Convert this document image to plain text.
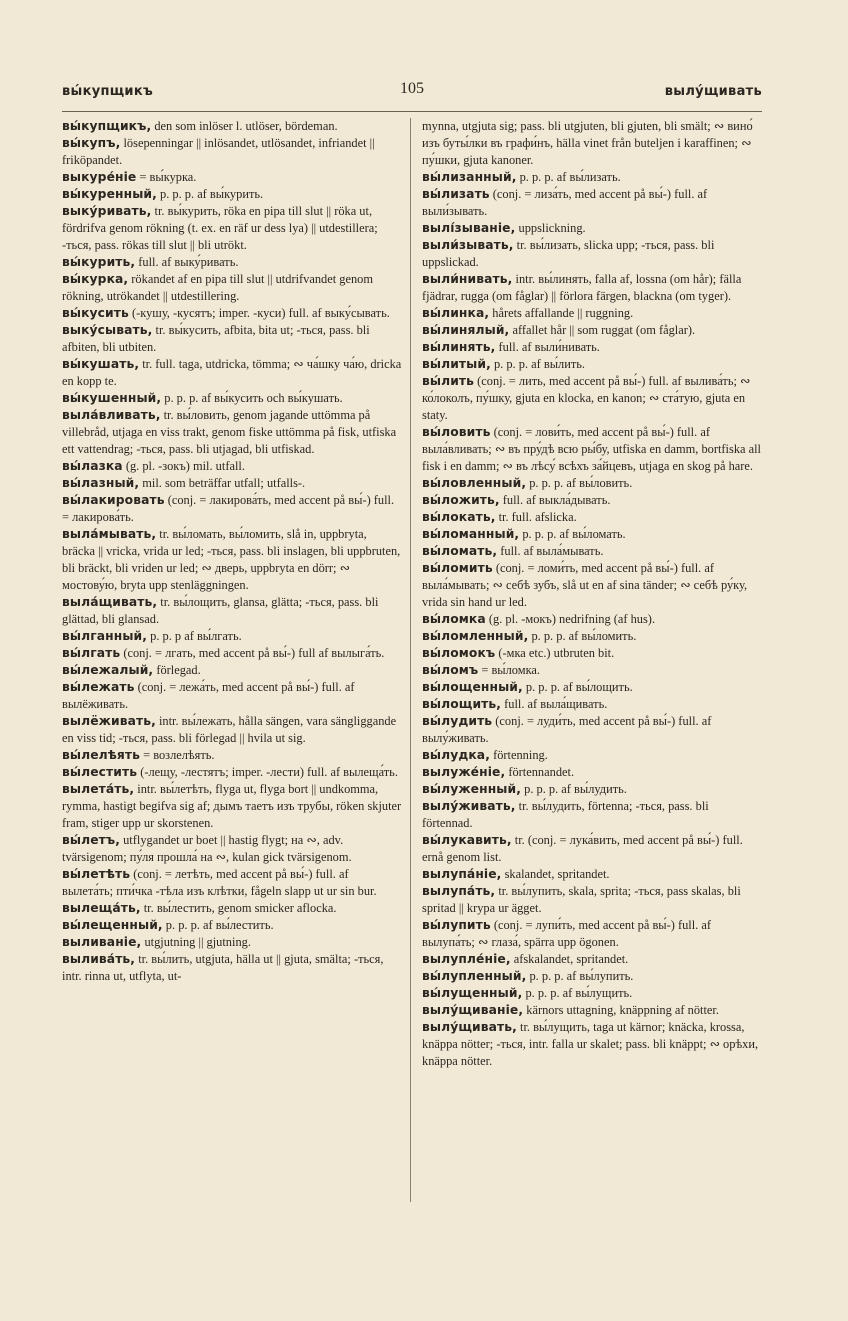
вы́купщикъ	105	вылу́щивать
вы́купщикъ, den som inlöser l. utlöser, bördeman.
вы́купъ, lösepenningar || inlösandet, utlösandet, infriandet || friköpandet.
выкуре́ніе = вы́курка.
вы́куренный, p. p. p. af вы́курить.
выку́ривать, tr. вы́курить, röka en pipa till slut || röka ut, fördrifva genom rökning (t. ex. en räf ur dess lya) || utdestillera; -ться, pass. rökas till slut || bli utrökt.
вы́курить, full. af выку́ривать.
вы́курка, rökandet af en pipa till slut || utdrifvandet genom rökning, utrökandet || utdestillering.
вы́кусить (-кушу, -кусятъ; imper. -куси) full. af выку́сывать.
выку́сывать, tr. вы́кусить, afbita, bita ut; -ться, pass. bli afbiten, bli utbiten.
вы́кушать, tr. full. taga, utdricka, tömma; ∾ ча́шку ча́ю, dricka en kopp te.
вы́кушенный, p. p. p. af вы́кусить och вы́кушать.
выла́вливать, tr. вы́ловить, genom jagande uttömma på villebråd, utjaga en viss trakt, genom fiske uttömma på fisk, utfiska ett vattendrag; -ться, pass. bli utjagad, bli utfiskad.
вы́лазка (g. pl. -зокъ) mil. utfall.
вы́лазный, mil. som beträffar utfall; utfalls-.
вы́лакировать (conj. = лакирова́ть, med accent på вы́-) full. = лакирова́ть.
выла́мывать, tr. вы́ломать, вы́ломить, slå in, uppbryta, bräcka || vricka, vrida ur led; -ться, pass. bli inslagen, bli uppbruten, bli bräckt, bli vriden ur led; ∾ дверь, uppbryta en dörr; ∾ мостову́ю, bryta upp stenläggningen.
выла́щивать, tr. вы́лощить, glansa, glätta; -ться, pass. bli glättad, bli glansad.
вы́лганный, p. p. p af вы́лгать.
вы́лгать (conj. = лгать, med accent på вы́-) full af вылыга́ть.
вы́лежалый, förlegad.
вы́лежать (conj. = лежа́ть, med accent på вы́-) full. af вылёживать.
вылёживать, intr. вы́лежать, hålla sängen, vara sängliggande en viss tid; -ться, pass. bli förlegad || hvila ut sig.
вы́лелѣять = возлелѣять.
вы́лестить (-лещу, -лестятъ; imper. -лести) full. af вылеща́ть.
вылета́ть, intr. вы́летѣть, flyga ut, flyga bort || undkomma, rymma, hastigt begifva sig af; дымъ таетъ изъ трубы, röken skjuter fram, stiger upp ur skorstenen.
вы́летъ, utflygandet ur boet || hastig flygt; на ∾, adv. tvärsigenom; пу́ля прошла́ на ∾, kulan gick tvärsigenom.
вы́летѣть (conj. = летѣть, med accent på вы́-) full. af вылета́ть; пти́чка -тѣла изъ клѣтки, fågeln slapp ut ur sin bur.
вылеща́ть, tr. вы́лестить, genom smicker aflocka.
вы́лещенный, p. p. p. af вы́лестить.
выливаніе, utgjutning || gjutning.
вылива́ть, tr. вы́лить, utgjuta, hälla ut || gjuta, smälta; -ться, intr. rinna ut, utflyta, ut-
mynna, utgjuta sig; pass. bli utgjuten, bli gjuten, bli smält; ∾ вино́ изъ буты́лки въ графи́нъ, hälla vinet från buteljen i karaffinen; ∾ пу́шки, gjuta kanoner.
вы́лизанный, p. p. p. af вы́лизать.
вы́лизать (conj. = лиза́ть, med accent på вы́-) full. af выли́зывать.
вылі́зываніе, uppslickning.
выли́зывать, tr. вы́лизать, slicka upp; -ться, pass. bli uppslickad.
выли́нивать, intr. вы́линять, falla af, lossna (om hår); fälla fjädrar, rugga (om fåglar) || förlora färgen, blackna (om tyger).
вы́линка, hårets affallande || ruggning.
вы́линялый, affallet hår || som ruggat (om fåglar).
вы́линять, full. af выли́нивать.
вы́литый, p. p. p. af вы́лить.
вы́лить (conj. = лить, med accent på вы́-) full. af вылива́ть; ∾ ко́локолъ, пу́шку, gjuta en klocka, en kanon; ∾ ста́тую, gjuta en staty.
вы́ловить (conj. = лови́ть, med accent på вы́-) full. af выла́вливать; ∾ въ пру́дѣ всю ры́бу, utfiska en damm, bortfiska all fisk i en damm; ∾ въ лѣсу́ всѣхъ за́йцевъ, utjaga en skog på hare.
вы́ловленный, p. p. p. af вы́ловить.
вы́ложить, full. af выкла́дывать.
вы́локать, tr. full. afslicka.
вы́ломанный, p. p. p. af вы́ломать.
вы́ломать, full. af выла́мывать.
вы́ломить (conj. = ломи́ть, med accent på вы́-) full. af выла́мывать; ∾ себѣ зубъ, slå ut en af sina tänder; ∾ себѣ ру́ку, vrida sin hand ur led.
вы́ломка (g. pl. -мокъ) nedrifning (af hus).
вы́ломленный, p. p. p. af вы́ломить.
вы́ломокъ (-мка etc.) utbruten bit.
вы́ломъ = вы́ломка.
вы́лощенный, p. p. p. af вы́лощить.
вы́лощить, full. af выла́щивать.
вы́лудить (conj. = луди́ть, med accent på вы́-) full. af вылу́живать.
вы́лудка, förtenning.
вылуже́ніе, förtennandet.
вы́луженный, p. p. p. af вы́лудить.
вылу́живать, tr. вы́лудить, förtenna; -ться, pass. bli förtennad.
вы́лукавить, tr. (conj. = лука́вить, med accent på вы́-) full. ernå genom list.
вылупа́ніе, skalandet, spritandet.
вылупа́ть, tr. вы́лупить, skala, sprita; -ться, pass skalas, bli spritad || krypa ur ägget.
вы́лупить (conj. = лупи́ть, med accent på вы́-) full. af вылупа́ть; ∾ глаза́, spärra upp ögonen.
вылупле́ніе, afskalandet, spritandet.
вы́лупленный, p. p. p. af вы́лупить.
вы́лущенный, p. p. p. af вы́лущить.
вылу́щиваніе, kärnors uttagning, knäppning af nötter.
вылу́щивать, tr. вы́лущить, taga ut kärnor; knäcka, krossa, knäppa nötter; -ться, intr. falla ur skalet; pass. bli knäppt; ∾ орѣхи, knäppa nötter.
